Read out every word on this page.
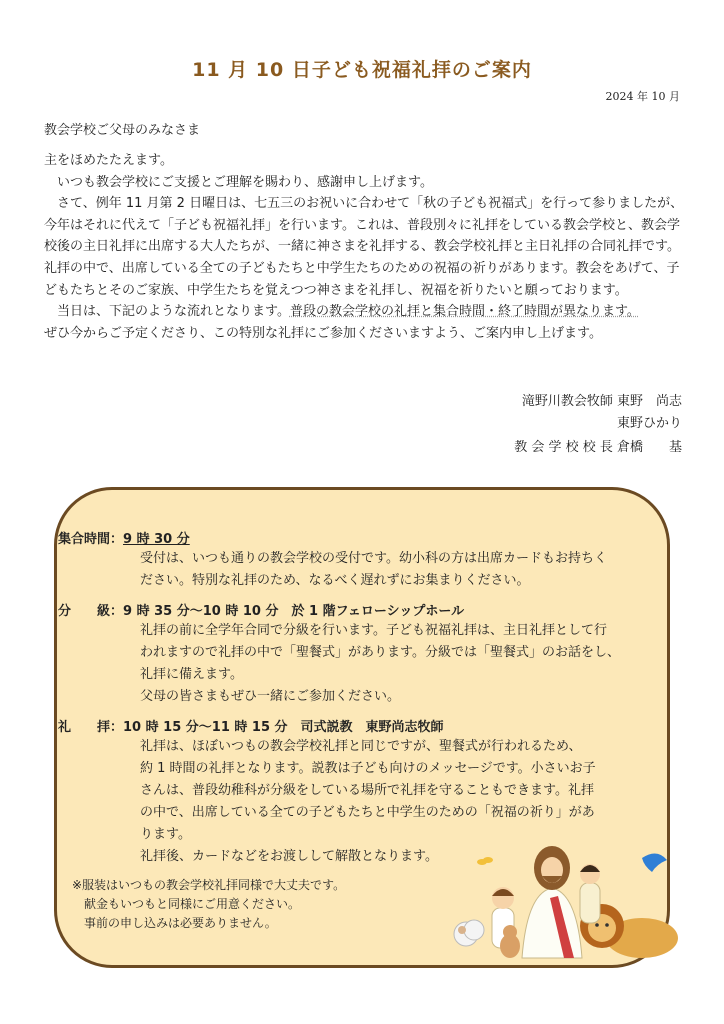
11 月 10 日子ども祝福礼拝のご案内
2024 年 10 月
教会学校ご父母のみなさま

主をほめたたえます。

いつも教会学校にご支援とご理解を賜わり、感謝申し上げます。

さて、例年 11 月第 2 日曜日は、七五三のお祝いに合わせて「秋の子ども祝福式」を行って参りましたが、今年はそれに代えて「子ども祝福礼拝」を行います。これは、普段別々に礼拝をしている教会学校と、教会学校後の主日礼拝に出席する大人たちが、一緒に神さまを礼拝する、教会学校礼拝と主日礼拝の合同礼拝です。礼拝の中で、出席している全ての子どもたちと中学生たちのための祝福の祈りがあります。教会をあげて、子どもたちとそのご家族、中学生たちを覚えつつ神さまを礼拝し、祝福を祈りたいと願っております。

当日は、下記のような流れとなります。普段の教会学校の礼拝と集合時間・終了時間が異なります。

ぜひ今からご予定くださり、この特別な礼拝にご参加くださいますよう、ご案内申し上げます。

滝野川教会牧師 東野　尚志
東野ひかり
教 会 学 校 校 長 倉橋　　基
集合時間：9 時 30 分

受付は、いつも通りの教会学校の受付です。幼小科の方は出席カードもお持ちく

ださい。特別な礼拝のため、なるべく遅れずにお集まりください。

分　　級：9 時 35 分～10 時 10 分　於 1 階フェローシップホール

礼拝の前に全学年合同で分級を行います。子ども祝福礼拝は、主日礼拝として行

われますので礼拝の中で「聖餐式」があります。分級では「聖餐式」のお話をし、

礼拝に備えます。

父母の皆さまもぜひ一緒にご参加ください。

礼　　拝：10 時 15 分～11 時 15 分　司式説教　東野尚志牧師

礼拝は、ほぼいつもの教会学校礼拝と同じですが、聖餐式が行われるため、

約 1 時間の礼拝となります。説教は子ども向けのメッセージです。小さいお子

さんは、普段幼稚科が分級をしている場所で礼拝を守ることもできます。礼拝

の中で、出席している全ての子どもたちと中学生のための「祝福の祈り」があ

ります。

礼拝後、カードなどをお渡しして解散となります。

※服装はいつもの教会学校礼拝同様で大丈夫です。
献金もいつもと同様にご用意ください。
事前の申し込みは必要ありません。
